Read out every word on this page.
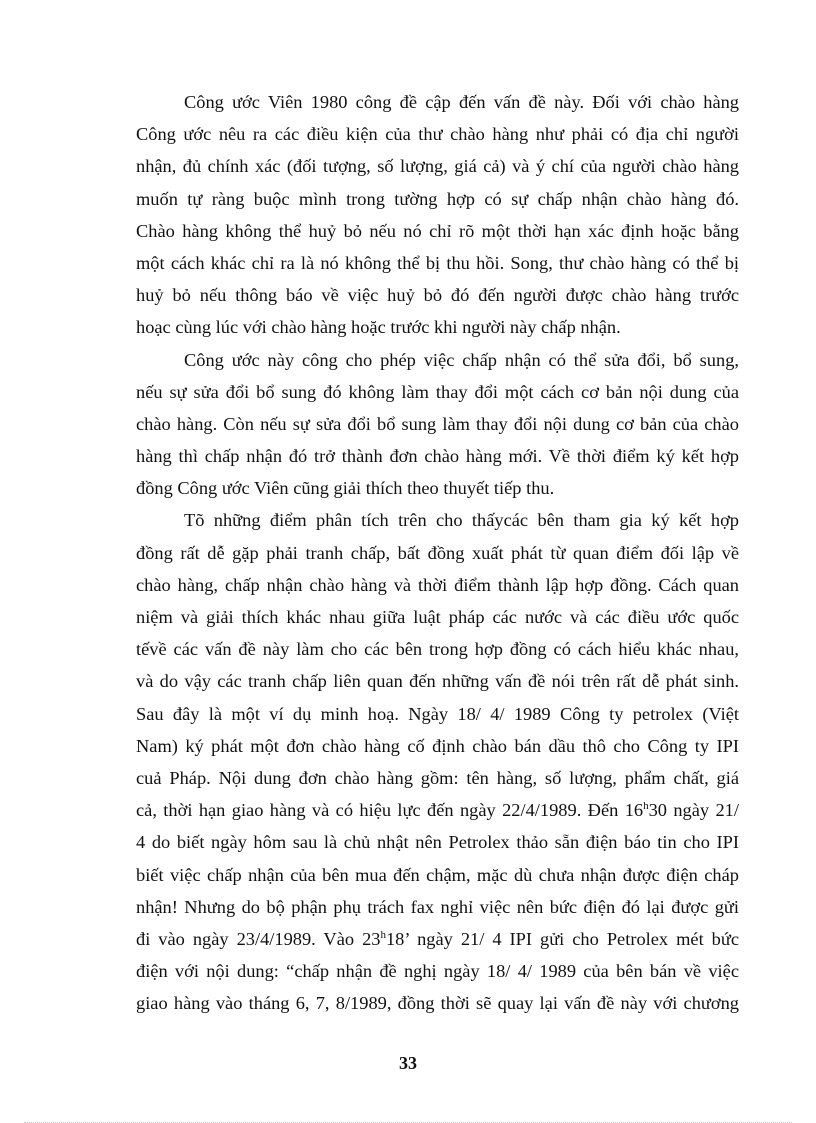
Công ước Viên 1980 công đề cập đến vấn đề này. Đối với chào hàng
Công ước nêu ra các điều kiện của thư chào hàng như phải có địa chỉ người
nhận, đủ chính xác (đối tượng, số lượng, giá cả) và ý chí của người chào hàng
muốn tự ràng buộc mình trong tường hợp có sự chấp nhận chào hàng đó.
Chào hàng không thể huỷ bỏ nếu nó chỉ rõ một thời hạn xác định hoặc bằng
một cách khác chỉ ra là nó không thể bị thu hồi. Song, thư chào hàng có thể bị
huỷ bỏ nếu thông báo về việc huỷ bỏ đó đến người được chào hàng trước
hoạc cùng lúc với chào hàng hoặc trước khi người này chấp nhận.
Công ước này công cho phép việc chấp nhận có thể sửa đổi, bổ sung,
nếu sự sửa đổi bổ sung đó không làm thay đổi một cách cơ bản nội dung của
chào hàng. Còn nếu sự sửa đổi bổ sung làm thay đổi nội dung cơ bản của chào
hàng thì chấp nhận đó trở thành đơn chào hàng mới. Về thời điểm ký kết hợp
đồng Công ước Viên cũng giải thích theo thuyết tiếp thu.
Tõ những điểm phân tích trên cho thấycác bên tham gia ký kết hợp
đồng rất dễ gặp phải tranh chấp, bất đồng xuất phát từ quan điểm đối lập về
chào hàng, chấp nhận chào hàng và thời điểm thành lập hợp đồng. Cách quan
niệm và giải thích khác nhau giữa luật pháp các nước và các điều ước quốc
tếvề các vấn đề này làm cho các bên trong hợp đồng có cách hiểu khác nhau,
và do vậy các tranh chấp liên quan đến những vấn đề nói trên rất dễ phát sinh.
Sau đây là một ví dụ minh hoạ. Ngày 18/ 4/ 1989 Công ty petrolex (Việt
Nam) ký phát một đơn chào hàng cố định chào bán dầu thô cho Công ty IPI
cuả Pháp. Nội dung đơn chào hàng gồm: tên hàng, số lượng, phẩm chất, giá
cả, thời hạn giao hàng và có hiệu lực đến ngày 22/4/1989. Đến 16$^h$30 ngày 21/
4 do biết ngày hôm sau là chủ nhật nên Petrolex thảo sẵn điện báo tin cho IPI
biết việc chấp nhận của bên mua đến chậm, mặc dù chưa nhận được điện cháp
nhận! Nhưng do bộ phận phụ trách fax nghỉ việc nên bức điện đó lại được gửi
đi vào ngày 23/4/1989. Vào 23$^h$18’ ngày 21/ 4 IPI gửi cho Petrolex mét bức
điện với nội dung: “chấp nhận đề nghị ngày 18/ 4/ 1989 của bên bán về việc
giao hàng vào tháng 6, 7, 8/1989, đồng thời sẽ quay lại vấn đề này với chương
33
